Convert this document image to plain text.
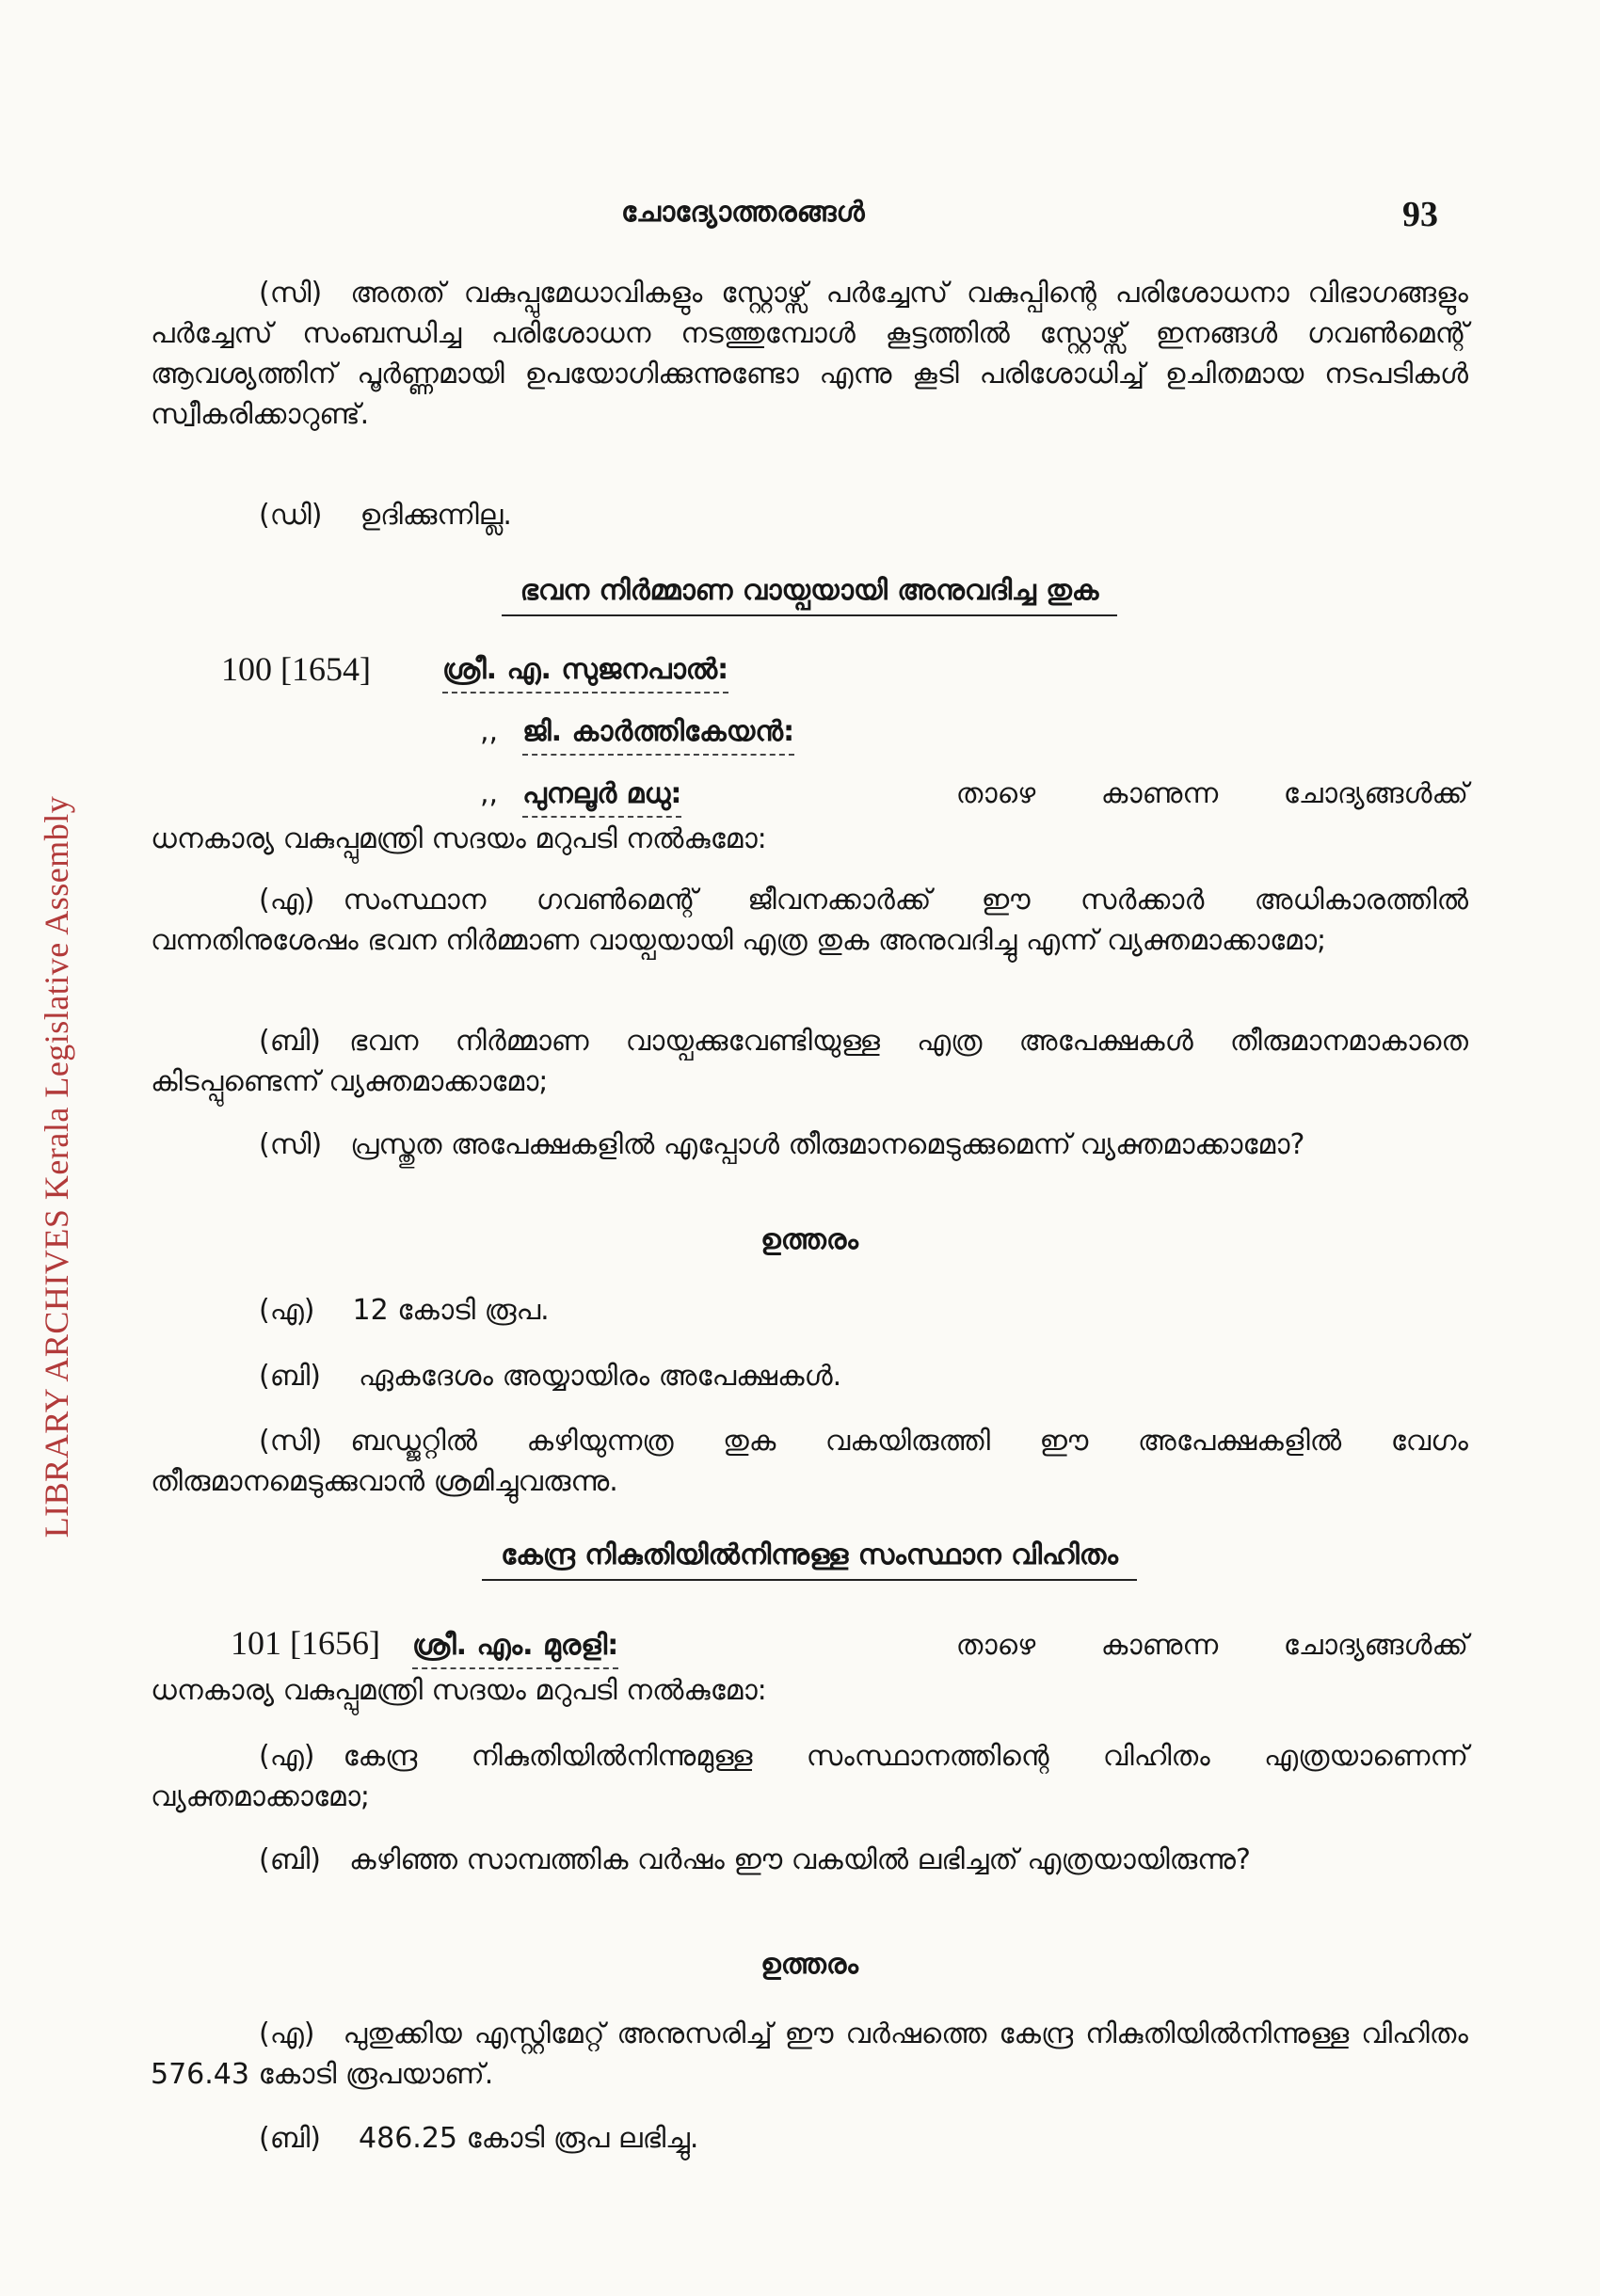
LIBRARY ARCHIVES Kerala Legislative Assembly
ചോദ്യോത്തരങ്ങൾ	93
(സി) അതത് വകുപ്പുമേധാവികളും സ്റ്റോഴ്സ് പർച്ചേസ് വകുപ്പിന്റെ പരിശോധനാ വിഭാഗങ്ങളും പർച്ചേസ് സംബന്ധിച്ച പരിശോധന നടത്തുമ്പോൾ കൂട്ടത്തിൽ സ്റ്റോഴ്സ് ഇനങ്ങൾ ഗവൺമെന്റ് ആവശ്യത്തിന് പൂർണ്ണമായി ഉപയോഗിക്കുന്നുണ്ടോ എന്നു കൂടി പരിശോധിച്ച് ഉചിതമായ നടപടികൾ സ്വീകരിക്കാറുണ്ട്.
(ഡി) ഉദിക്കുന്നില്ല.
ഭവന നിർമ്മാണ വായ്പയായി അനുവദിച്ച തുക
100 [1654]	ശ്രീ. എ. സുജനപാൽ:
,, ജി. കാർത്തികേയൻ:
,, പുനലൂർ മധു:	താഴെ കാണുന്ന ചോദ്യങ്ങൾക്ക്
ധനകാര്യ വകുപ്പുമന്ത്രി സദയം മറുപടി നൽകുമോ:
(എ) സംസ്ഥാന ഗവൺമെന്റ് ജീവനക്കാർക്ക് ഈ സർക്കാർ അധികാരത്തിൽ വന്നതിനുശേഷം ഭവന നിർമ്മാണ വായ്പയായി എത്ര തുക അനുവദിച്ചു എന്ന് വ്യക്തമാക്കാമോ;
(ബി) ഭവന നിർമ്മാണ വായ്പക്കുവേണ്ടിയുള്ള എത്ര അപേക്ഷകൾ തീരുമാനമാകാതെ കിടപ്പുണ്ടെന്ന് വ്യക്തമാക്കാമോ;
(സി) പ്രസ്തുത അപേക്ഷകളിൽ എപ്പോൾ തീരുമാനമെടുക്കുമെന്ന് വ്യക്തമാക്കാമോ?
ഉത്തരം
(എ) 12 കോടി രൂപ.
(ബി) ഏകദേശം അയ്യായിരം അപേക്ഷകൾ.
(സി) ബഡ്ജറ്റിൽ കഴിയുന്നത്ര തുക വകയിരുത്തി ഈ അപേക്ഷകളിൽ വേഗം തീരുമാനമെടുക്കുവാൻ ശ്രമിച്ചുവരുന്നു.
കേന്ദ്ര നികുതിയിൽനിന്നുള്ള സംസ്ഥാന വിഹിതം
101 [1656] ശ്രീ. എം. മുരളി:	താഴെ കാണുന്ന ചോദ്യങ്ങൾക്ക്
ധനകാര്യ വകുപ്പുമന്ത്രി സദയം മറുപടി നൽകുമോ:
(എ) കേന്ദ്ര നികുതിയിൽനിന്നുമുള്ള സംസ്ഥാനത്തിന്റെ വിഹിതം എത്രയാണെന്ന് വ്യക്തമാക്കാമോ;
(ബി) കഴിഞ്ഞ സാമ്പത്തിക വർഷം ഈ വകയിൽ ലഭിച്ചത് എത്രയായിരുന്നു?
ഉത്തരം
(എ) പുതുക്കിയ എസ്റ്റിമേറ്റ് അനുസരിച്ച് ഈ വർഷത്തെ കേന്ദ്ര നികുതിയിൽനിന്നുള്ള വിഹിതം 576.43 കോടി രൂപയാണ്.
(ബി) 486.25 കോടി രൂപ ലഭിച്ചു.
